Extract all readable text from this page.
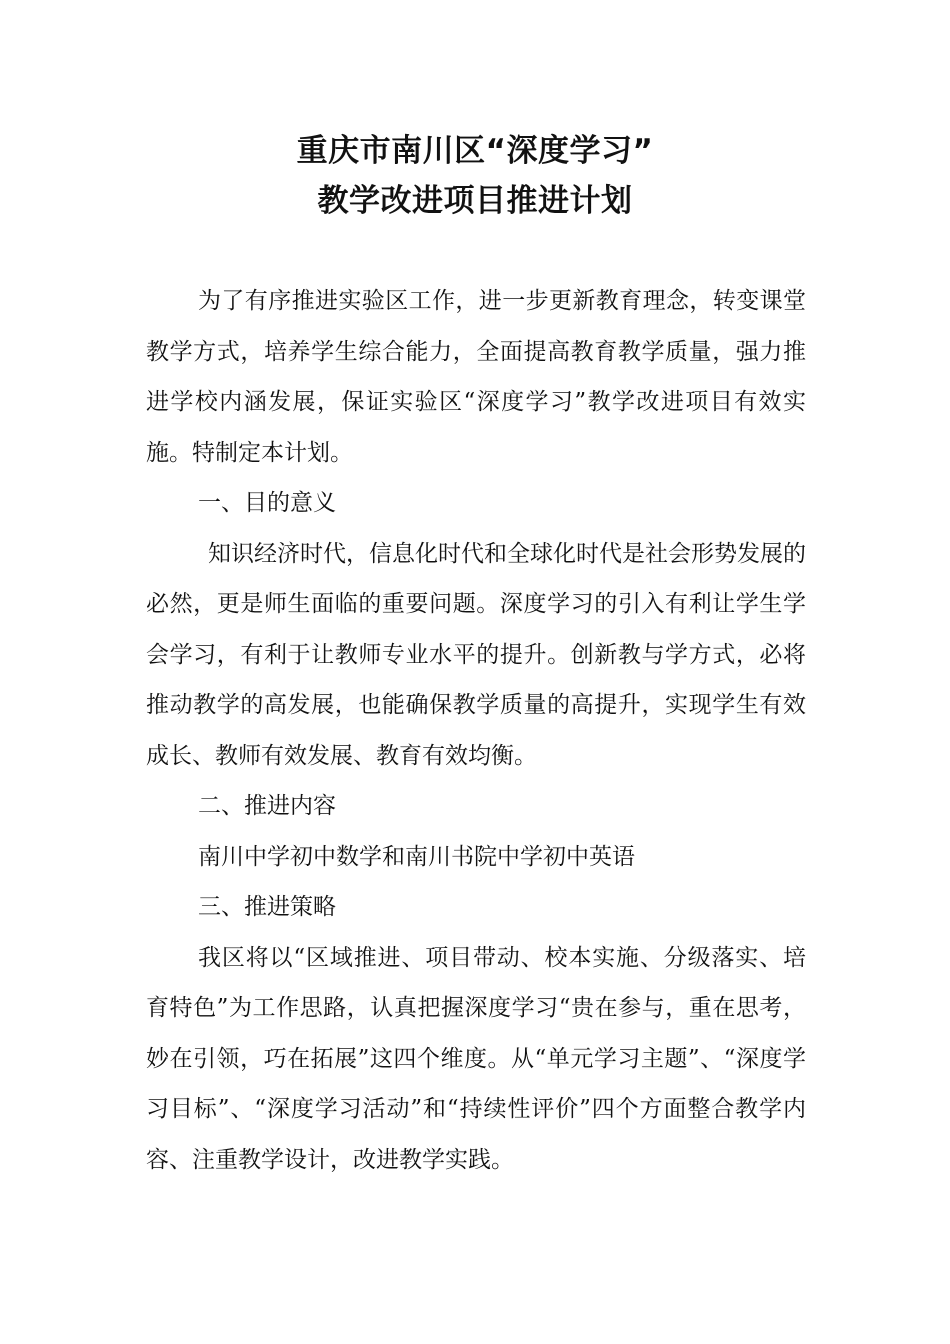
重庆市南川区“深度学习”
教学改进项目推进计划

为了有序推进实验区工作，进一步更新教育理念，转变课堂教学方式，培养学生综合能力，全面提高教育教学质量，强力推进学校内涵发展，保证实验区“深度学习”教学改进项目有效实施。特制定本计划。

一、目的意义

知识经济时代，信息化时代和全球化时代是社会形势发展的必然，更是师生面临的重要问题。深度学习的引入有利让学生学会学习，有利于让教师专业水平的提升。创新教与学方式，必将推动教学的高发展，也能确保教学质量的高提升，实现学生有效成长、教师有效发展、教育有效均衡。

二、推进内容

南川中学初中数学和南川书院中学初中英语

三、推进策略

我区将以“区域推进、项目带动、校本实施、分级落实、培育特色”为工作思路，认真把握深度学习“贵在参与，重在思考，妙在引领，巧在拓展”这四个维度。从“单元学习主题”、“深度学习目标”、“深度学习活动”和“持续性评价”四个方面整合教学内容、注重教学设计，改进教学实践。
